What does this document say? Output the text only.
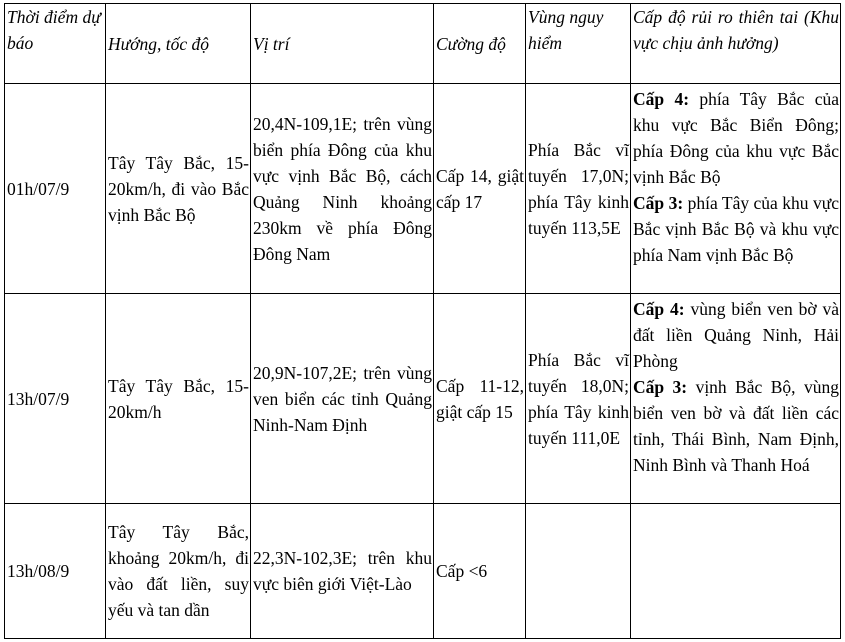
Thời điểm dự báo	Hướng, tốc độ	Vị trí	Cường độ	Vùng nguy hiểm	Cấp độ rủi ro thiên tai (Khu vực chịu ảnh hưởng)
01h/07/9	Tây Tây Bắc, 15-20km/h, đi vào Bắc vịnh Bắc Bộ	20,4N-109,1E; trên vùng biển phía Đông của khu vực vịnh Bắc Bộ, cách Quảng Ninh khoảng 230km về phía Đông Đông Nam	Cấp 14, giật cấp 17	Phía Bắc vĩ tuyến 17,0N; phía Tây kinh tuyến 113,5E	Cấp 4: phía Tây Bắc của khu vực Bắc Biển Đông; phía Đông của khu vực Bắc vịnh Bắc Bộ
Cấp 3: phía Tây của khu vực Bắc vịnh Bắc Bộ và khu vực phía Nam vịnh Bắc Bộ

13h/07/9	Tây Tây Bắc, 15-20km/h	20,9N-107,2E; trên vùng ven biển các tỉnh Quảng Ninh-Nam Định	Cấp 11-12, giật cấp 15	Phía Bắc vĩ tuyến 18,0N; phía Tây kinh tuyến 111,0E	Cấp 4: vùng biển ven bờ và đất liền Quảng Ninh, Hải Phòng
Cấp 3: vịnh Bắc Bộ, vùng biển ven bờ và đất liền các tỉnh, Thái Bình, Nam Định, Ninh Bình và Thanh Hoá

13h/08/9	Tây Tây Bắc, khoảng 20km/h, đi vào đất liền, suy yếu và tan dần	22,3N-102,3E; trên khu vực biên giới Việt-Lào	Cấp <6		
